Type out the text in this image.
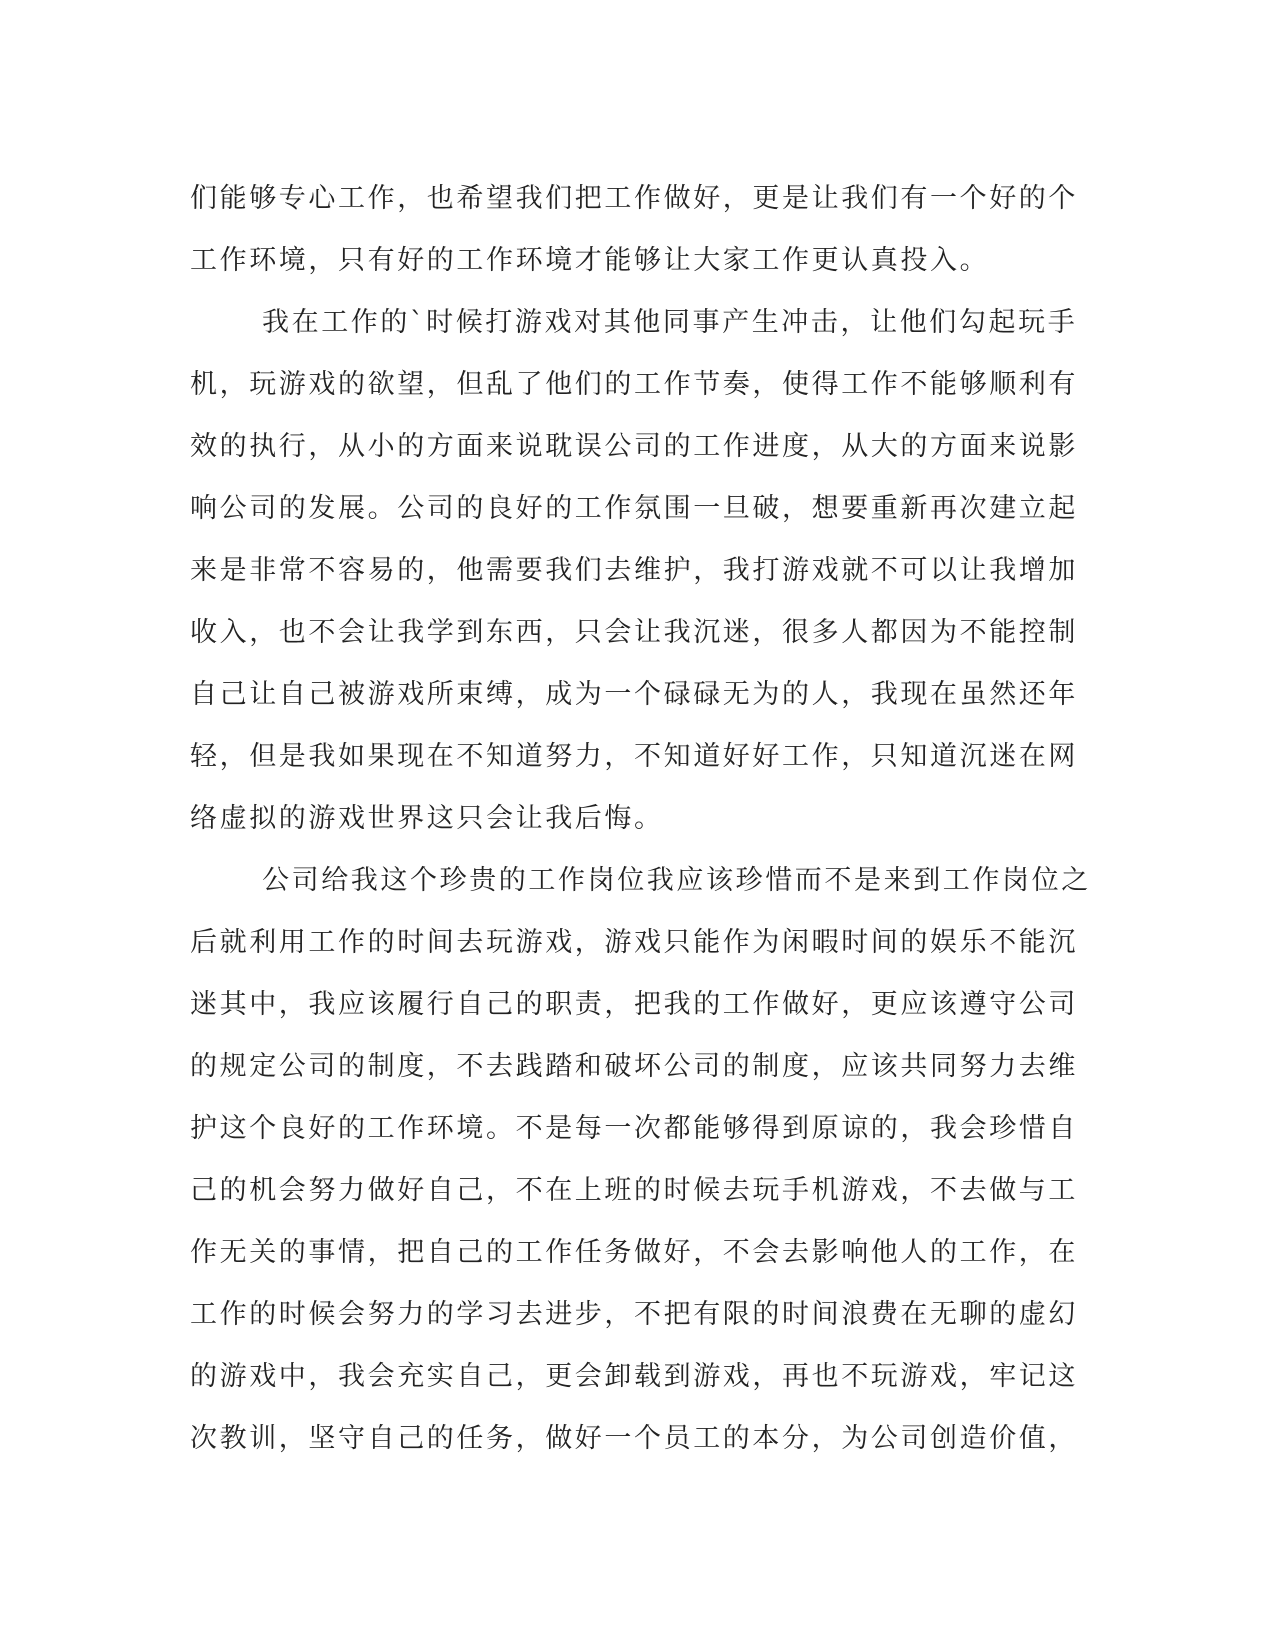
们能够专心工作，也希望我们把工作做好，更是让我们有一个好的个
工作环境，只有好的工作环境才能够让大家工作更认真投入。
我在工作的`时候打游戏对其他同事产生冲击，让他们勾起玩手
机，玩游戏的欲望，但乱了他们的工作节奏，使得工作不能够顺利有
效的执行，从小的方面来说耽误公司的工作进度，从大的方面来说影
响公司的发展。公司的良好的工作氛围一旦破，想要重新再次建立起
来是非常不容易的，他需要我们去维护，我打游戏就不可以让我增加
收入，也不会让我学到东西，只会让我沉迷，很多人都因为不能控制
自己让自己被游戏所束缚，成为一个碌碌无为的人，我现在虽然还年
轻，但是我如果现在不知道努力，不知道好好工作，只知道沉迷在网
络虚拟的游戏世界这只会让我后悔。
公司给我这个珍贵的工作岗位我应该珍惜而不是来到工作岗位之
后就利用工作的时间去玩游戏，游戏只能作为闲暇时间的娱乐不能沉
迷其中，我应该履行自己的职责，把我的工作做好，更应该遵守公司
的规定公司的制度，不去践踏和破坏公司的制度，应该共同努力去维
护这个良好的工作环境。不是每一次都能够得到原谅的，我会珍惜自
己的机会努力做好自己，不在上班的时候去玩手机游戏，不去做与工
作无关的事情，把自己的工作任务做好，不会去影响他人的工作，在
工作的时候会努力的学习去进步，不把有限的时间浪费在无聊的虚幻
的游戏中，我会充实自己，更会卸载到游戏，再也不玩游戏，牢记这
次教训，坚守自己的任务，做好一个员工的本分，为公司创造价值，
